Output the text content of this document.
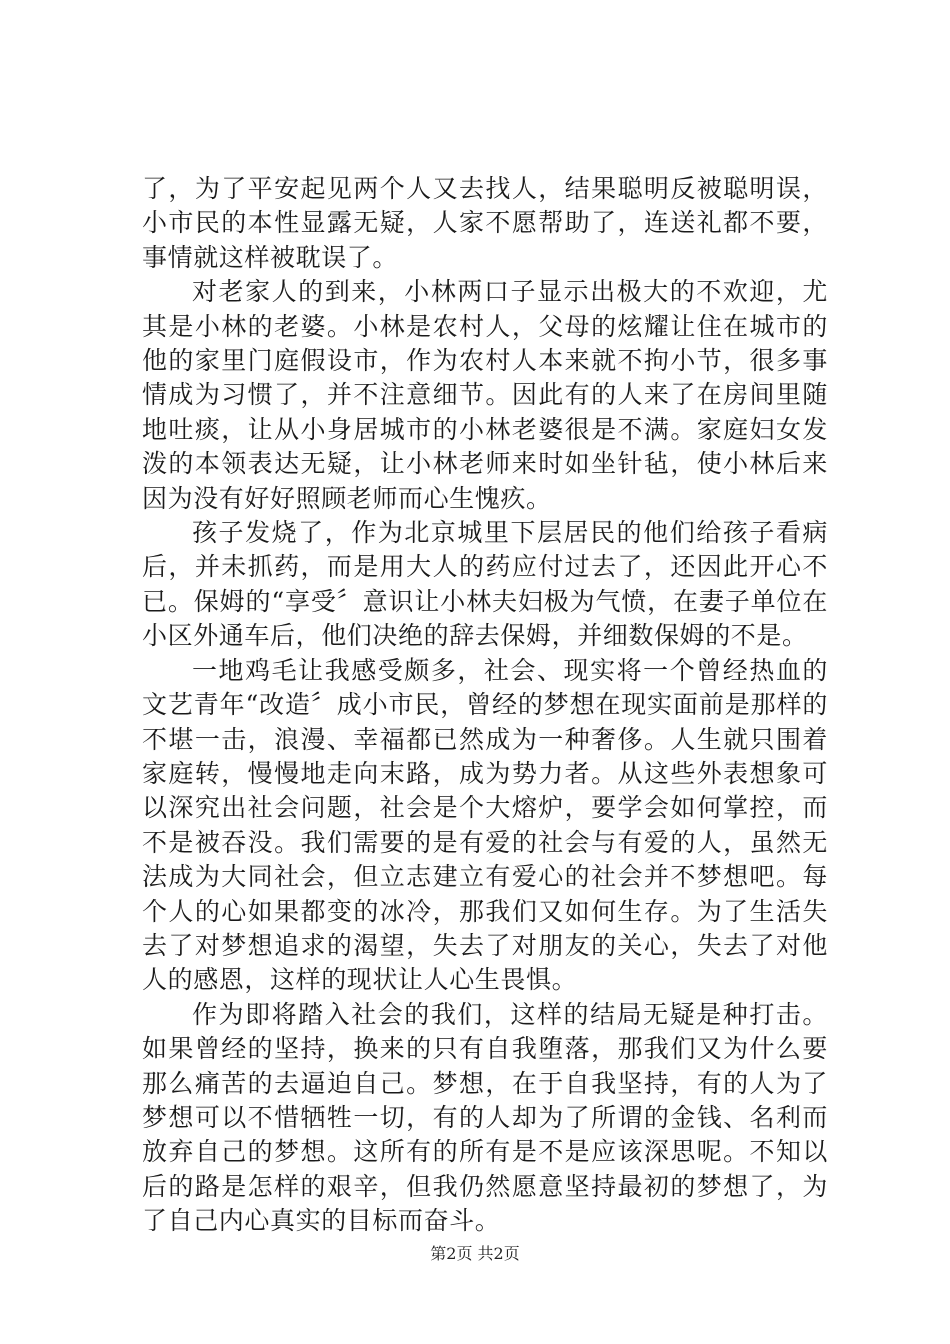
了，为了平安起见两个人又去找人，结果聪明反被聪明误，小市民的本性显露无疑，人家不愿帮助了，连送礼都不要，事情就这样被耽误了。

对老家人的到来，小林两口子显示出极大的不欢迎，尤其是小林的老婆。小林是农村人，父母的炫耀让住在城市的他的家里门庭假设市，作为农村人本来就不拘小节，很多事情成为习惯了，并不注意细节。因此有的人来了在房间里随地吐痰，让从小身居城市的小林老婆很是不满。家庭妇女发泼的本领表达无疑，让小林老师来时如坐针毡，使小林后来因为没有好好照顾老师而心生愧疚。

孩子发烧了，作为北京城里下层居民的他们给孩子看病后，并未抓药，而是用大人的药应付过去了，还因此开心不已。保姆的“享受〞意识让小林夫妇极为气愤，在妻子单位在小区外通车后，他们决绝的辞去保姆，并细数保姆的不是。

一地鸡毛让我感受颇多，社会、现实将一个曾经热血的文艺青年“改造〞成小市民，曾经的梦想在现实面前是那样的不堪一击，浪漫、幸福都已然成为一种奢侈。人生就只围着家庭转，慢慢地走向末路，成为势力者。从这些外表想象可以深究出社会问题，社会是个大熔炉，要学会如何掌控，而不是被吞没。我们需要的是有爱的社会与有爱的人，虽然无法成为大同社会，但立志建立有爱心的社会并不梦想吧。每个人的心如果都变的冰冷，那我们又如何生存。为了生活失去了对梦想追求的渴望，失去了对朋友的关心，失去了对他人的感恩，这样的现状让人心生畏惧。

作为即将踏入社会的我们，这样的结局无疑是种打击。如果曾经的坚持，换来的只有自我堕落，那我们又为什么要那么痛苦的去逼迫自己。梦想，在于自我坚持，有的人为了梦想可以不惜牺牲一切，有的人却为了所谓的金钱、名利而放弃自己的梦想。这所有的所有是不是应该深思呢。不知以后的路是怎样的艰辛，但我仍然愿意坚持最初的梦想了，为了自己内心真实的目标而奋斗。

第2页 共2页
